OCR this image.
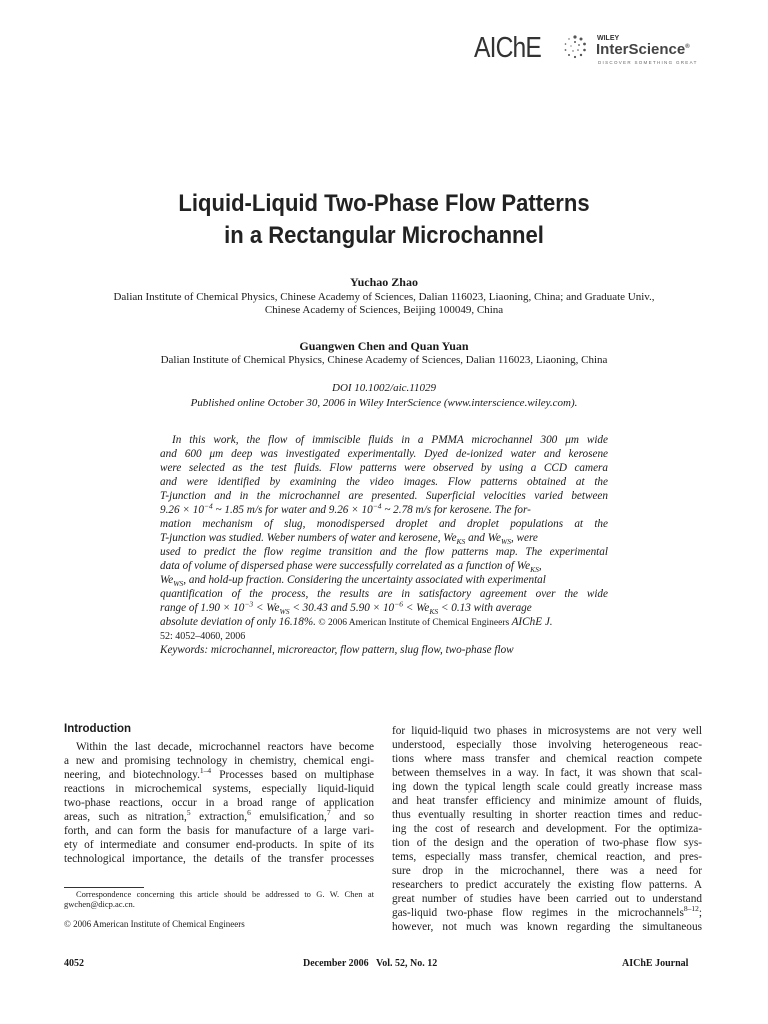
AIChE	WILEY
InterScience®
DISCOVER SOMETHING GREAT
Liquid-Liquid Two-Phase Flow Patterns
in a Rectangular Microchannel
Yuchao Zhao
Dalian Institute of Chemical Physics, Chinese Academy of Sciences, Dalian 116023, Liaoning, China; and Graduate Univ.,
Chinese Academy of Sciences, Beijing 100049, China
Guangwen Chen and Quan Yuan
Dalian Institute of Chemical Physics, Chinese Academy of Sciences, Dalian 116023, Liaoning, China
DOI 10.1002/aic.11029
Published online October 30, 2006 in Wiley InterScience (www.interscience.wiley.com).
In this work, the flow of immiscible fluids in a PMMA microchannel 300 μm wide
and 600 μm deep was investigated experimentally. Dyed de-ionized water and kerosene
were selected as the test fluids. Flow patterns were observed by using a CCD camera
and were identified by examining the video images. Flow patterns obtained at the
T-junction and in the microchannel are presented. Superficial velocities varied between
$9.26 \times 10^{-4}$ ~ 1.85 m/s for water and $9.26 \times 10^{-4}$ ~ 2.78 m/s for kerosene. The for-
mation mechanism of slug, monodispersed droplet and droplet populations at the
T-junction was studied. Weber numbers of water and kerosene, $We_{KS}$ and $We_{WS}$, were
used to predict the flow regime transition and the flow patterns map. The experimental
data of volume of dispersed phase were successfully correlated as a function of $We_{KS}$,
$We_{WS}$, and hold-up fraction. Considering the uncertainty associated with experimental
quantification of the process, the results are in satisfactory agreement over the wide
range of $1.90 \times 10^{-3} < We_{WS} < 30.43$ and $5.90 \times 10^{-6} < We_{KS} < 0.13$ with average
absolute deviation of only 16.18%. © 2006 American Institute of Chemical Engineers AIChE J.
52: 4052–4060, 2006
Keywords: microchannel, microreactor, flow pattern, slug flow, two-phase flow
Introduction
Within the last decade, microchannel reactors have become
a new and promising technology in chemistry, chemical engi-
neering, and biotechnology.$^{1-4}$ Processes based on multiphase
reactions in microchemical systems, especially liquid-liquid
two-phase reactions, occur in a broad range of application
areas, such as nitration,$^5$ extraction,$^6$ emulsification,$^7$ and so
forth, and can form the basis for manufacture of a large vari-
ety of intermediate and consumer end-products. In spite of its
technological importance, the details of the transfer processes
Correspondence concerning this article should be addressed to G. W. Chen at
gwchen@dicp.ac.cn.
© 2006 American Institute of Chemical Engineers
for liquid-liquid two phases in microsystems are not very well
understood, especially those involving heterogeneous reac-
tions where mass transfer and chemical reaction compete
between themselves in a way. In fact, it was shown that scal-
ing down the typical length scale could greatly increase mass
and heat transfer efficiency and minimize amount of fluids,
thus eventually resulting in shorter reaction times and reduc-
ing the cost of research and development. For the optimiza-
tion of the design and the operation of two-phase flow sys-
tems, especially mass transfer, chemical reaction, and pres-
sure drop in the microchannel, there was a need for
researchers to predict accurately the existing flow patterns. A
great number of studies have been carried out to understand
gas-liquid two-phase flow regimes in the microchannels$^{8-12}$;
however, not much was known regarding the simultaneous
4052	December 2006   Vol. 52, No. 12	AIChE Journal
